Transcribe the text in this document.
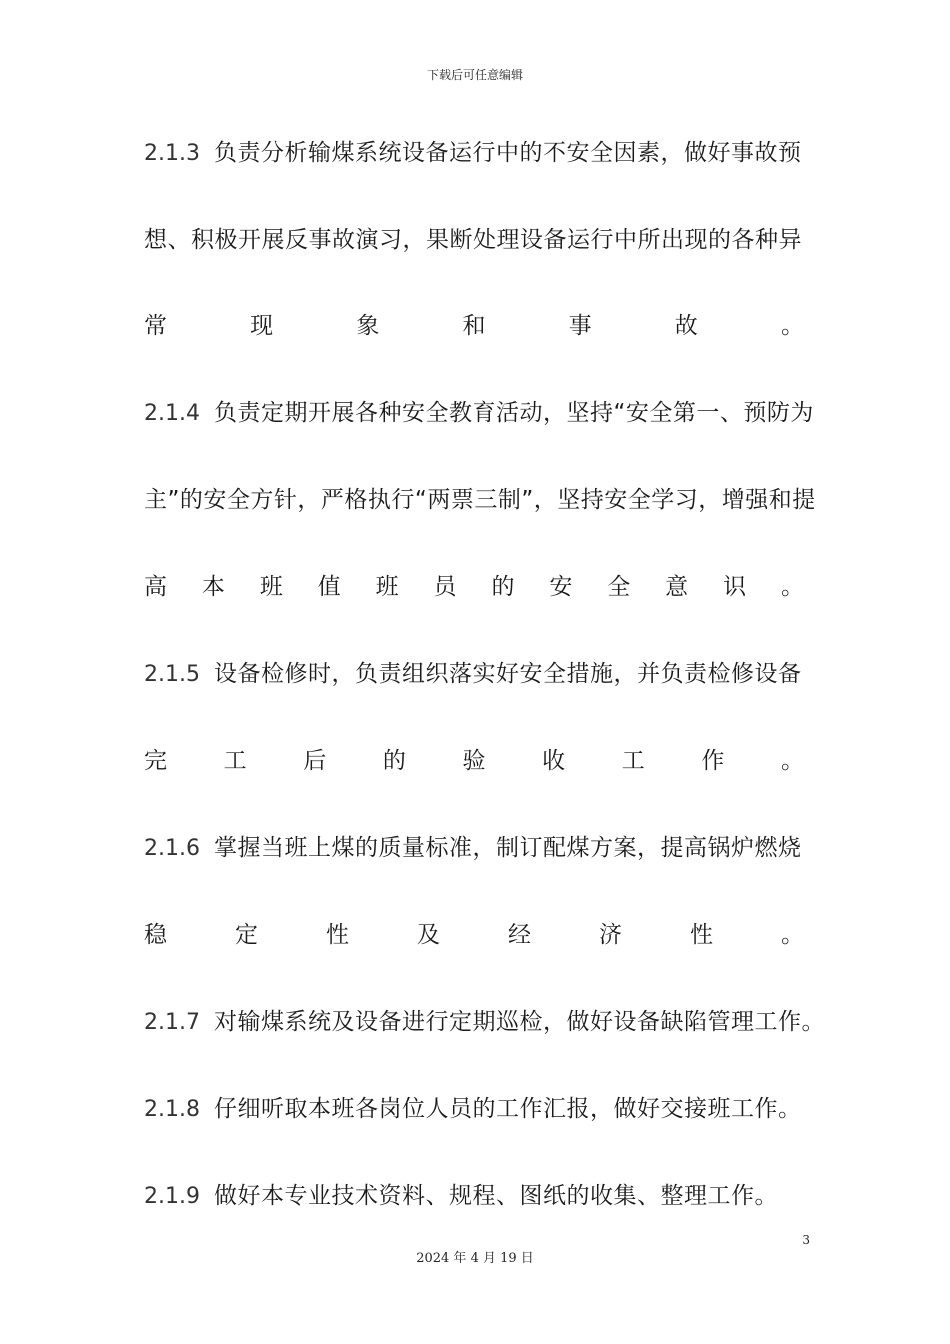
下载后可任意编辑
2.1.3 负责分析输煤系统设备运行中的不安全因素，做好事故预
想、积极开展反事故演习，果断处理设备运行中所出现的各种异
常	现	象	和	事	故	。
2.1.4 负责定期开展各种安全教育活动，坚持“安全第一、预防为
主”的安全方针，严格执行“两票三制”，坚持安全学习，增强和提
高 本 班 值 班 员 的 安 全 意 识 。
2.1.5 设备检修时，负责组织落实好安全措施，并负责检修设备
完 工 后 的 验 收 工 作 。
2.1.6 掌握当班上煤的质量标准，制订配煤方案，提高锅炉燃烧
稳	定	性	及	经	济	性	。
2.1.7 对输煤系统及设备进行定期巡检，做好设备缺陷管理工作。
2.1.8 仔细听取本班各岗位人员的工作汇报，做好交接班工作。
2.1.9 做好本专业技术资料、规程、图纸的收集、整理工作。
3
2024 年 4 月 19 日
